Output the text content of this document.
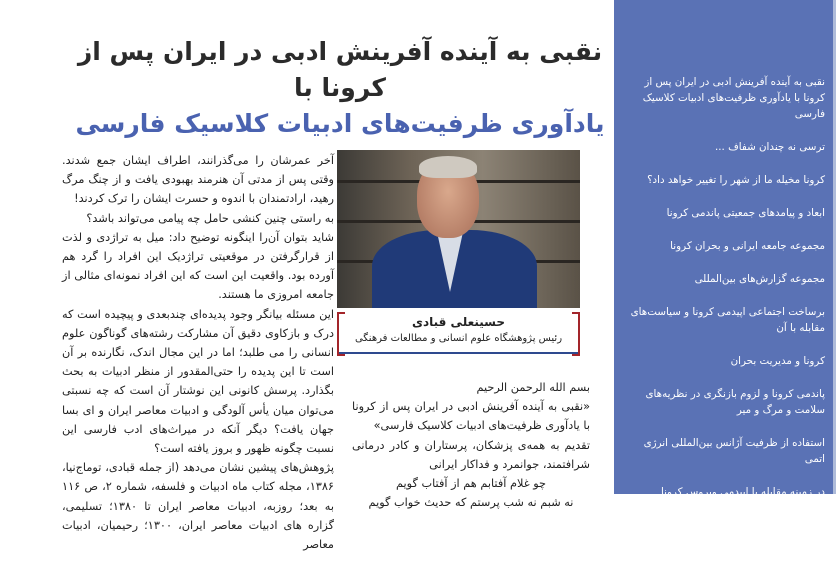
نقبی به آینده آفرینش ادبی در ایران پس از کرونا با
یادآوری ظرفیت‌های ادبیات کلاسیک فارسی

آخر عمرشان را می‌گذرانند، اطراف ایشان جمع شدند. وقتی پس از مدتی آن هنرمند بهبودی یافت و از چنگ مرگ رهید، ارادتمندان با اندوه و حسرت ایشان را ترک کردند!

به راستی چنین کنشی حامل چه پیامی می‌تواند باشد؟

شاید بتوان آن‌را اینگونه توضیح داد: میل به تراژدی و لذت از قرارگرفتن در موقعیتی تراژدیک این افراد را گرد هم آورده بود. واقعیت این است که این افراد نمونه‌ای مثالی از جامعه امروزی ما هستند.

این مسئله بیانگر وجود پدیده‌ای چندبعدی و پیچیده است که درک و بازکاوی دقیق آن مشارکت رشته‌های گوناگون علوم انسانی را می طلبد؛ اما در این مجال اندک، نگارنده بر آن است تا این پدیده را حتی‌المقدور از منظر ادبیات به بحث بگذارد. پرسش کانونی این نوشتار آن است که چه نسبتی می‌توان میان یأس آلودگی و ادبیات معاصر ایران و ای بسا جهان یافت؟ دیگر آنکه در میراث‌های ادب فارسی این نسبت چگونه ظهور و بروز یافته است؟

پژوهش‌های پیشین نشان می‌دهد (از جمله قبادی، توماج‌نیا، ۱۳۸۶، مجله کتاب ماه ادبیات و فلسفه، شماره ۲، ص ۱۱۶ به بعد؛ روزبه، ادبیات معاصر ایران تا ۱۳۸۰؛ تسلیمی، گزاره های ادبیات معاصر ایران، ۱۳۰۰؛ رحیمیان، ادبیات معاصر

حسینعلی قبادی
رئیس پژوهشگاه علوم انسانی و مطالعات فرهنگی

بسم الله الرحمن الرحیم

«نقبی به آینده آفرینش ادبی در ایران پس از کرونا با یادآوری ظرفیت‌های ادبیات کلاسیک فارسی»

تقدیم به همه‌ی پزشکان، پرستاران و کادر درمانی شرافتمند، جوانمرد و فداکار ایرانی

چو غلام آفتابم هم از آفتاب گویم

نه شبم نه شب پرستم که حدیث خواب گویم

نقبی به آینده آفرینش ادبی در ایران پس از کرونا با یادآوری ظرفیت‌های ادبیات کلاسیک فارسی
ترسی نه چندان شفاف ...
کرونا مخیله ما از شهر را تغییر خواهد داد؟
ابعاد و پیامدهای جمعیتی پاندمی کرونا
مجموعه جامعه ایرانی و بحران کرونا
مجموعه گزارش‌های بین‌المللی
برساخت اجتماعی اپیدمی کرونا و سیاست‌های مقابله با آن
کرونا و مدیریت بحران
پاندمی کرونا و لزوم بازنگری در نظریه‌های سلامت و مرگ و میر
استفاده از ظرفیت آژانس بین‌المللی انرژی اتمی
در زمینه مقابله با اپیدمی ویروس کرونا
نقش آزمایشگاه ایمنی و محیط زیست پژوهشگاه علوم و فنون هسته‌ای در مبارزه با اپیدمی ویروس
